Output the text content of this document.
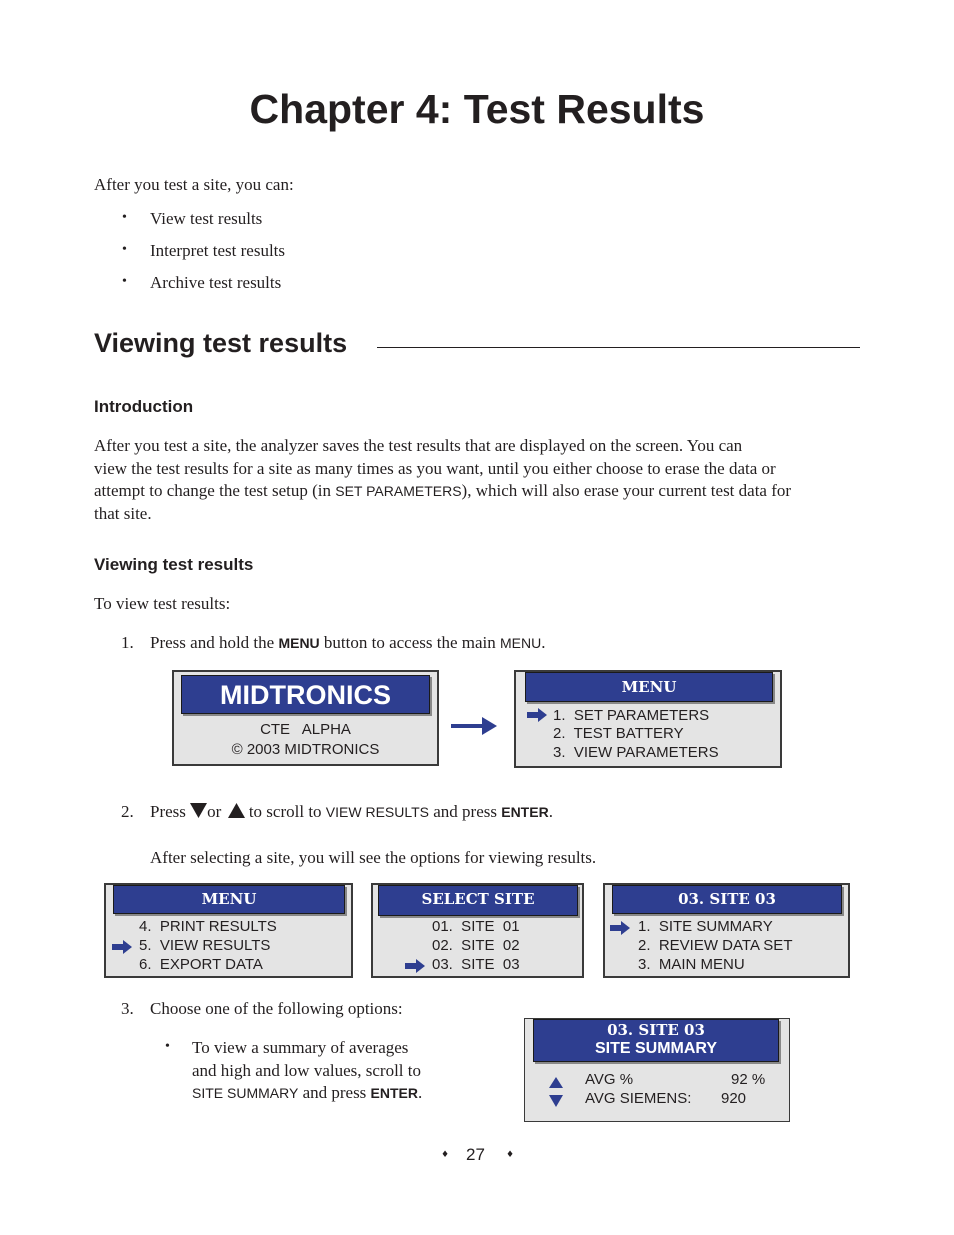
Chapter 4: Test Results
After you test a site, you can:
• View test results
• Interpret test results
• Archive test results
Viewing test results
Introduction
After you test a site, the analyzer saves the test results that are displayed on the screen. You can
view the test results for a site as many times as you want, until you either choose to erase the data or
attempt to change the test setup (in SET PARAMETERS), which will also erase your current test data for
that site.
Viewing test results
To view test results:
1. Press and hold the MENU button to access the main MENU.
MIDTRONICS
CTE   ALPHA
© 2003 MIDTRONICS
MENU
1.  SET PARAMETERS
2.  TEST BATTERY
3.  VIEW PARAMETERS
2. Press or  to scroll to VIEW RESULTS and press ENTER.
After selecting a site, you will see the options for viewing results.
MENU
4.  PRINT RESULTS
5.  VIEW RESULTS
6.  EXPORT DATA
SELECT SITE
01.  SITE  01
02.  SITE  02
03.  SITE  03
03. SITE 03
1.  SITE SUMMARY
2.  REVIEW DATA SET
3.  MAIN MENU
3. Choose one of the following options:
• To view a summary of averages
and high and low values, scroll to
SITE SUMMARY and press ENTER.
03. SITE 03
SITE SUMMARY
AVG %	92 %
AVG SIEMENS: 920
♦ 27 ♦
